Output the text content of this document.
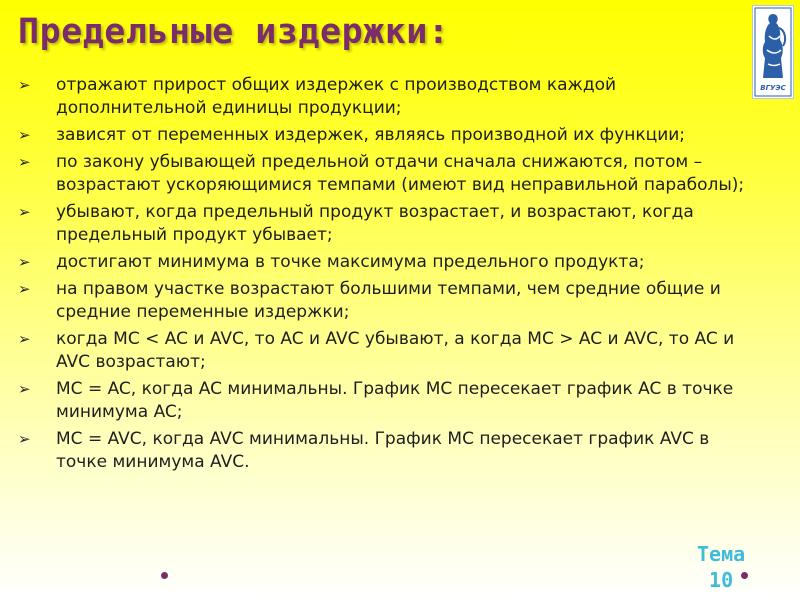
Предельные издержки:
ВГУЭС
➢ отражают прирост общих издержек с производством каждой дополнительной единицы продукции;
➢ зависят от переменных издержек, являясь производной их функции;
➢ по закону убывающей предельной отдачи сначала снижаются, потом – возрастают ускоряющимися темпами (имеют вид неправильной параболы);
➢ убывают, когда предельный продукт возрастает, и возрастают, когда предельный продукт убывает;
➢ достигают минимума в точке максимума предельного продукта;
➢ на правом участке возрастают большими темпами, чем средние общие и средние переменные издержки;
➢ когда MC < AC и AVC, то AC и AVC убывают, а когда MC > AC и AVC, то AC и AVC возрастают;
➢ MC = AC, когда AC минимальны. График MC пересекает график AC в точке минимума AC;
➢ MC = AVC, когда AVC минимальны. График MC пересекает график AVC в точке минимума AVC.
Тема
10
